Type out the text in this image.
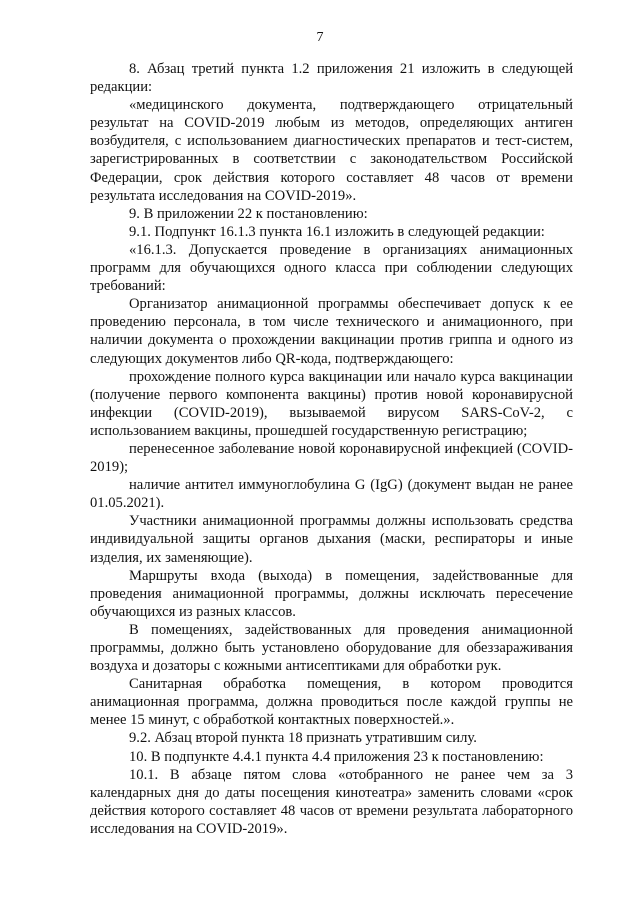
7

8. Абзац третий пункта 1.2 приложения 21 изложить в следующей редакции:

«медицинского документа, подтверждающего отрицательный результат на COVID-2019 любым из методов, определяющих антиген возбудителя, с использованием диагностических препаратов и тест-систем, зарегистрированных в соответствии с законодательством Российской Федерации, срок действия которого составляет 48 часов от времени результата исследования на COVID-2019».

9. В приложении 22 к постановлению:

9.1. Подпункт 16.1.3 пункта 16.1 изложить в следующей редакции:

«16.1.3. Допускается проведение в организациях анимационных программ для обучающихся одного класса при соблюдении следующих требований:

Организатор анимационной программы обеспечивает допуск к ее проведению персонала, в том числе технического и анимационного, при наличии документа о прохождении вакцинации против гриппа и одного из следующих документов либо QR-кода, подтверждающего:

прохождение полного курса вакцинации или начало курса вакцинации (получение первого компонента вакцины) против новой коронавирусной инфекции (COVID-2019), вызываемой вирусом SARS-CoV-2, с использованием вакцины, прошедшей государственную регистрацию;

перенесенное заболевание новой коронавирусной инфекцией (COVID-2019);

наличие антител иммуноглобулина G (IgG) (документ выдан не ранее 01.05.2021).

Участники анимационной программы должны использовать средства индивидуальной защиты органов дыхания (маски, респираторы и иные изделия, их заменяющие).

Маршруты входа (выхода) в помещения, задействованные для проведения анимационной программы, должны исключать пересечение обучающихся из разных классов.

В помещениях, задействованных для проведения анимационной программы, должно быть установлено оборудование для обеззараживания воздуха и дозаторы с кожными антисептиками для обработки рук.

Санитарная обработка помещения, в котором проводится анимационная программа, должна проводиться после каждой группы не менее 15 минут, с обработкой контактных поверхностей.».

9.2. Абзац второй пункта 18 признать утратившим силу.

10. В подпункте 4.4.1 пункта 4.4 приложения 23 к постановлению:

10.1. В абзаце пятом слова «отобранного не ранее чем за 3 календарных дня до даты посещения кинотеатра» заменить словами «срок действия которого составляет 48 часов от времени результата лабораторного исследования на COVID-2019».
